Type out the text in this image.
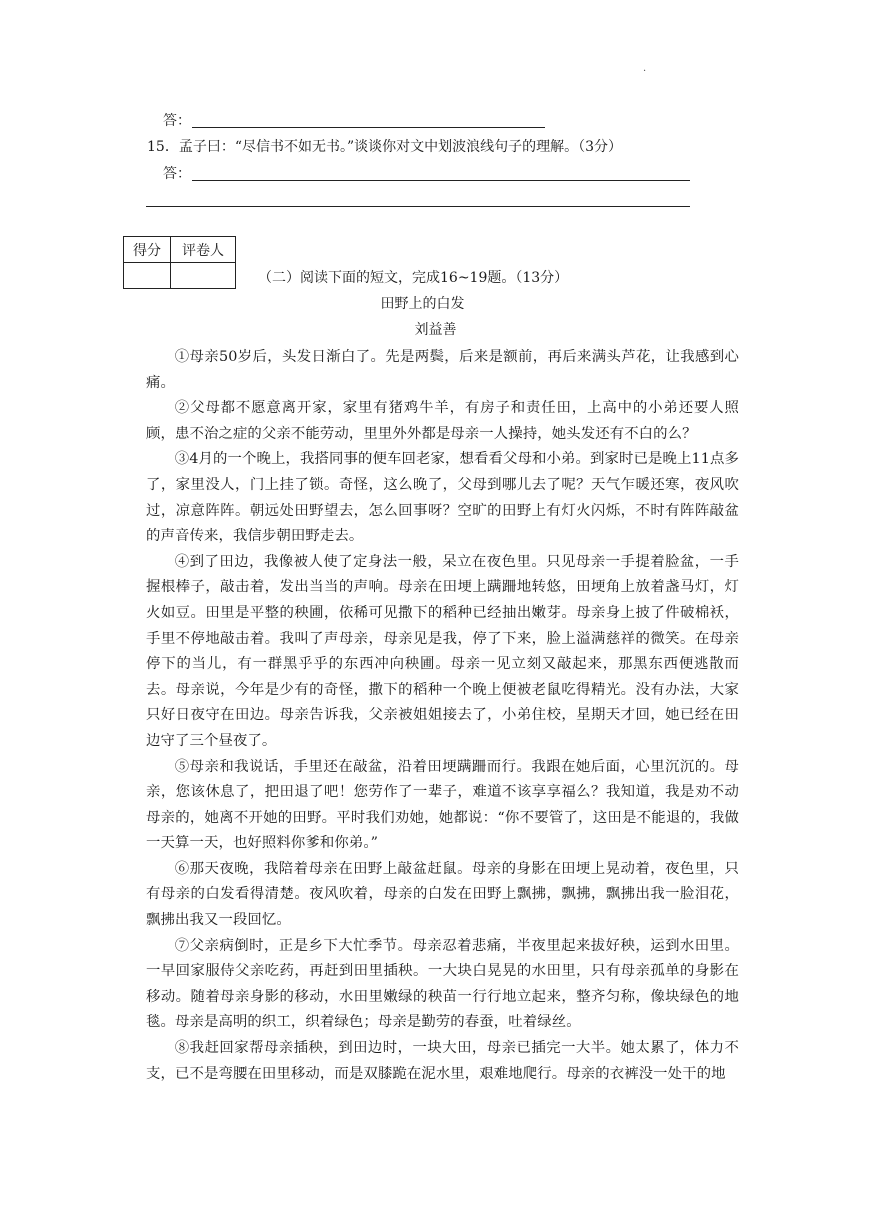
·
答：
15．孟子曰：“尽信书不如无书。”谈谈你对文中划波浪线句子的理解。（3分）
答：
得分	评卷人

（二）阅读下面的短文，完成16~19题。（13分）
田野上的白发
刘益善

①母亲50岁后，头发日渐白了。先是两鬓，后来是额前，再后来满头芦花，让我感到心痛。

②父母都不愿意离开家，家里有猪鸡牛羊，有房子和责任田，上高中的小弟还要人照顾，患不治之症的父亲不能劳动，里里外外都是母亲一人操持，她头发还有不白的么？

③4月的一个晚上，我搭同事的便车回老家，想看看父母和小弟。到家时已是晚上11点多了，家里没人，门上挂了锁。奇怪，这么晚了，父母到哪儿去了呢？天气乍暖还寒，夜风吹过，凉意阵阵。朝远处田野望去，怎么回事呀？空旷的田野上有灯火闪烁，不时有阵阵敲盆的声音传来，我信步朝田野走去。

④到了田边，我像被人使了定身法一般，呆立在夜色里。只见母亲一手提着脸盆，一手握根棒子，敲击着，发出当当的声响。母亲在田埂上蹒跚地转悠，田埂角上放着盏马灯，灯火如豆。田里是平整的秧圃，依稀可见撒下的稻种已经抽出嫩芽。母亲身上披了件破棉袄，手里不停地敲击着。我叫了声母亲，母亲见是我，停了下来，脸上溢满慈祥的微笑。在母亲停下的当儿，有一群黑乎乎的东西冲向秧圃。母亲一见立刻又敲起来，那黑东西便逃散而去。母亲说，今年是少有的奇怪，撒下的稻种一个晚上便被老鼠吃得精光。没有办法，大家只好日夜守在田边。母亲告诉我，父亲被姐姐接去了，小弟住校，星期天才回，她已经在田边守了三个昼夜了。

⑤母亲和我说话，手里还在敲盆，沿着田埂蹒跚而行。我跟在她后面，心里沉沉的。母亲，您该休息了，把田退了吧！您劳作了一辈子，难道不该享享福么？我知道，我是劝不动母亲的，她离不开她的田野。平时我们劝她，她都说：“你不要管了，这田是不能退的，我做一天算一天，也好照料你爹和你弟。”

⑥那天夜晚，我陪着母亲在田野上敲盆赶鼠。母亲的身影在田埂上晃动着，夜色里，只有母亲的白发看得清楚。夜风吹着，母亲的白发在田野上飘拂，飘拂，飘拂出我一脸泪花，飘拂出我又一段回忆。

⑦父亲病倒时，正是乡下大忙季节。母亲忍着悲痛，半夜里起来拔好秧，运到水田里。一早回家服侍父亲吃药，再赶到田里插秧。一大块白晃晃的水田里，只有母亲孤单的身影在移动。随着母亲身影的移动，水田里嫩绿的秧苗一行行地立起来，整齐匀称，像块绿色的地毯。母亲是高明的织工，织着绿色；母亲是勤劳的春蚕，吐着绿丝。

⑧我赶回家帮母亲插秧，到田边时，一块大田，母亲已插完一大半。她太累了，体力不支，已不是弯腰在田里移动，而是双膝跪在泥水里，艰难地爬行。母亲的衣裤没一处干的地
